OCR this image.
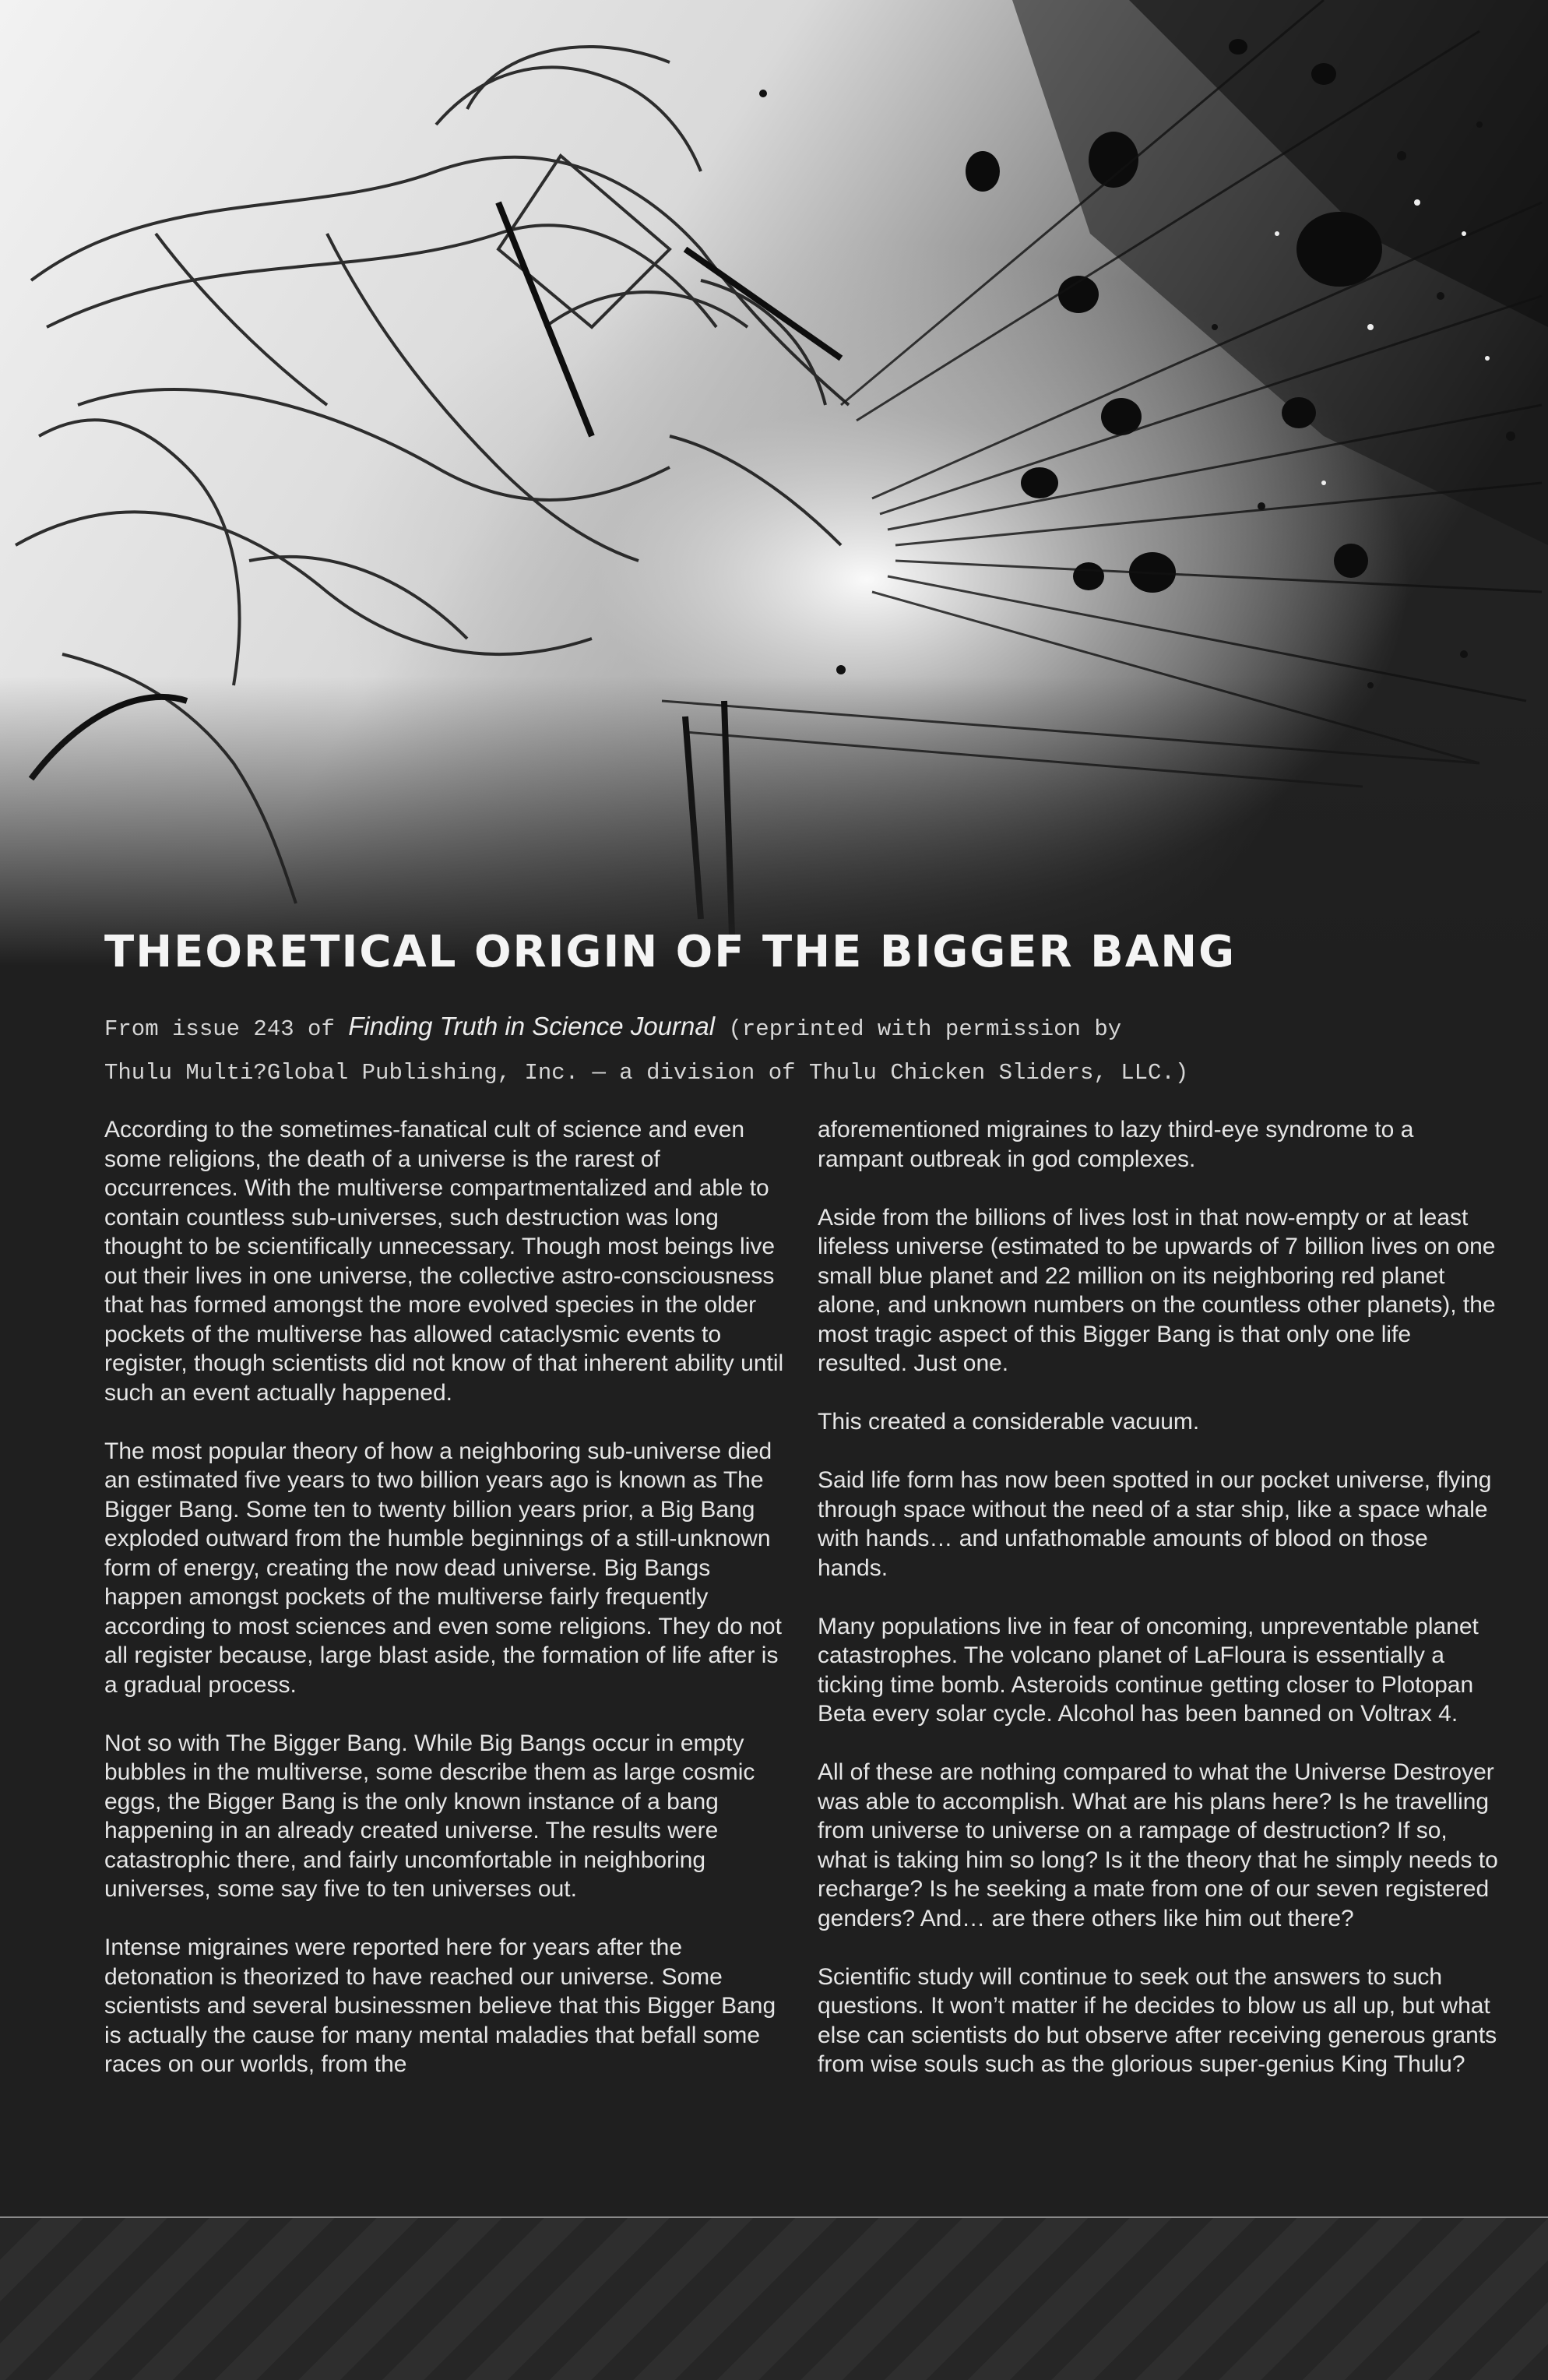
THEORETICAL ORIGIN OF THE BIGGER BANG

From issue 243 of Finding Truth in Science Journal (reprinted with permission by
Thulu Multi?Global Publishing, Inc. — a division of Thulu Chicken Sliders, LLC.)

According to the sometimes-fanatical cult of science and even some religions, the death of a universe is the rarest of occurrences. With the multiverse compartmentalized and able to contain countless sub-universes, such destruction was long thought to be scientifically unnecessary. Though most beings live out their lives in one universe, the collective astro-consciousness that has formed amongst the more evolved species in the older pockets of the multiverse has allowed cataclysmic events to register, though scientists did not know of that inherent ability until such an event actually happened.

The most popular theory of how a neighboring sub-universe died an estimated five years to two billion years ago is known as The Bigger Bang. Some ten to twenty billion years prior, a Big Bang exploded outward from the humble beginnings of a still-unknown form of energy, creating the now dead universe. Big Bangs happen amongst pockets of the multiverse fairly frequently according to most sciences and even some religions. They do not all register because, large blast aside, the formation of life after is a gradual process.

Not so with The Bigger Bang. While Big Bangs occur in empty bubbles in the multiverse, some describe them as large cosmic eggs, the Bigger Bang is the only known instance of a bang happening in an already created universe. The results were catastrophic there, and fairly uncomfortable in neighboring universes, some say five to ten universes out.

Intense migraines were reported here for years after the detonation is theorized to have reached our universe. Some scientists and several businessmen believe that this Bigger Bang is actually the cause for many mental maladies that befall some races on our worlds, from the

aforementioned migraines to lazy third-eye syndrome to a rampant outbreak in god complexes.

Aside from the billions of lives lost in that now-empty or at least lifeless universe (estimated to be upwards of 7 billion lives on one small blue planet and 22 million on its neighboring red planet alone, and unknown numbers on the countless other planets), the most tragic aspect of this Bigger Bang is that only one life resulted. Just one.

This created a considerable vacuum.

Said life form has now been spotted in our pocket universe, flying through space without the need of a star ship, like a space whale with hands… and unfathomable amounts of blood on those hands.

Many populations live in fear of oncoming, unpreventable planet catastrophes. The volcano planet of LaFloura is essentially a ticking time bomb. Asteroids continue getting closer to Plotopan Beta every solar cycle. Alcohol has been banned on Voltrax 4.

All of these are nothing compared to what the Universe Destroyer was able to accomplish. What are his plans here? Is he travelling from universe to universe on a rampage of destruction? If so, what is taking him so long? Is it the theory that he simply needs to recharge? Is he seeking a mate from one of our seven registered genders? And… are there others like him out there?

Scientific study will continue to seek out the answers to such questions. It won’t matter if he decides to blow us all up, but what else can scientists do but observe after receiving generous grants from wise souls such as the glorious super-genius King Thulu?
